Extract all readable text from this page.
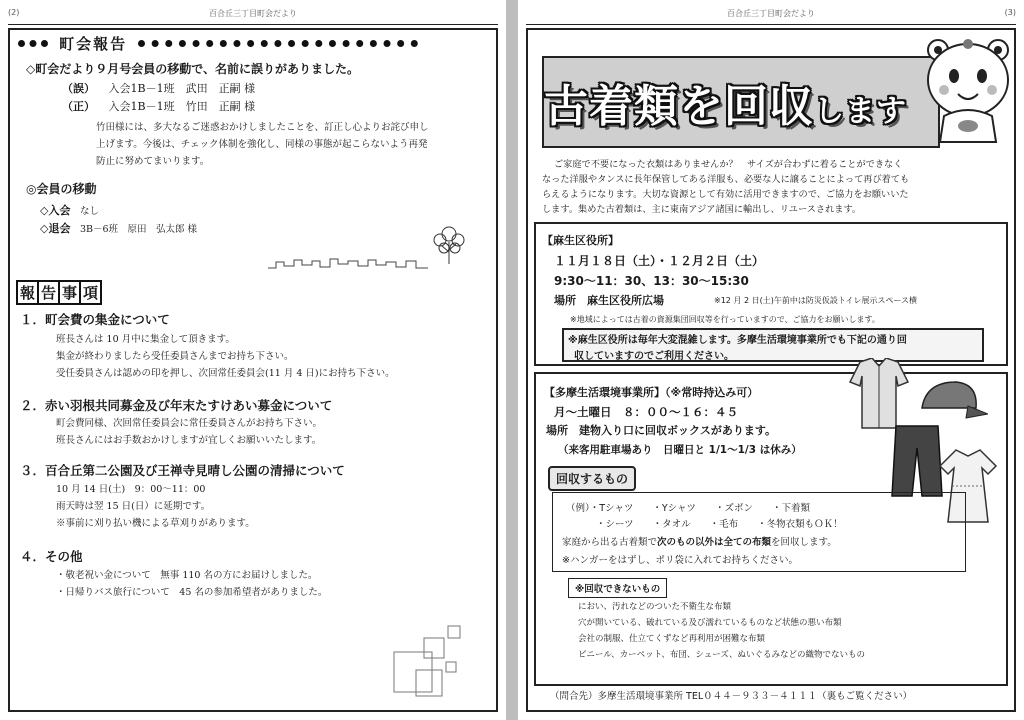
(2)	百合丘三丁目町会だより
町会報告
◇町会だより９月号会員の移動で、名前に誤りがありました。
（誤） 入会1B－1班　武田　正嗣 様
（正） 入会1B－1班　竹田　正嗣 様
竹田様には、多大なるご迷惑おかけしましたことを、訂正し心よりお詫び申し
上げます。今後は、チェック体制を強化し、同様の事態が起こらないよう再発
防止に努めてまいります。
◎会員の移動
◇入会 なし
◇退会 3B－6班　原田　弘太郎 様
報 告 事 項
１．町会費の集金について
班長さんは 10 月中に集金して頂きます。
集金が終わりましたら受任委員さんまでお持ち下さい。
受任委員さんは認めの印を押し、次回常任委員会(11 月 4 日)にお持ち下さい。
２．赤い羽根共同募金及び年末たすけあい募金について
町会費同様、次回常任委員会に常任委員さんがお持ち下さい。
班長さんにはお手数おかけしますが宜しくお願いいたします。
３．百合丘第二公園及び王禅寺見晴し公園の清掃について
10 月 14 日(土)　9：00～11：00
雨天時は翌 15 日(日）に延期です。
※事前に刈り払い機による草刈りがあります。
４．その他
・敬老祝い金について　無事 110 名の方にお届けしました。
・日帰りバス旅行について　45 名の参加希望者がありました。
百合丘三丁目町会だより	(3)
古着類を回収します
ご家庭で不要になった衣類はありませんか？　サイズが合わずに着ることができなく
なった洋服やタンスに長年保管してある洋服も、必要な人に譲ることによって再び着ても
らえるようになります。大切な資源として有効に活用できますので、ご協力をお願いいた
します。集めた古着類は、主に東南アジア諸国に輸出し、リユースされます。
【麻生区役所】
１１月１８日（土）・１２月２日（土）
9:30～11：30、13：30～15:30
場所　麻生区役所広場	※12 月 2 日(土)午前中は防災仮設トイレ展示スペース横
※地域によっては古着の資源集団回収等を行っていますので、ご協力をお願いします。
※麻生区役所は毎年大変混雑します。多摩生活環境事業所でも下記の通り回
収していますのでご利用ください。
【多摩生活環境事業所】（※常時持込み可）
月～土曜日　８：００～１６：４５
場所　建物入り口に回収ボックスがあります。
（来客用駐車場あり　日曜日と 1/1～1/3 は休み）
回収するもの
（例）・Tシャツ　　・Yシャツ　　・ズボン　　・下着類
・シーツ　　・タオル　　・毛布　　・冬物衣類もＯＫ！
家庭から出る古着類で次のもの以外は全ての布類を回収します。
※ハンガーをはずし、ポリ袋に入れてお持ちください。
※回収できないもの
におい、汚れなどのついた不衛生な布類
穴が開いている、破れている及び濡れているものなど状態の悪い布類
会社の制服、仕立てくずなど再利用が困難な布類
ビニール、カーペット、布団、シューズ、ぬいぐるみなどの織物でないもの
（問合先）多摩生活環境事業所 TEL０４４－９３３－４１１１（裏もご覧ください）
